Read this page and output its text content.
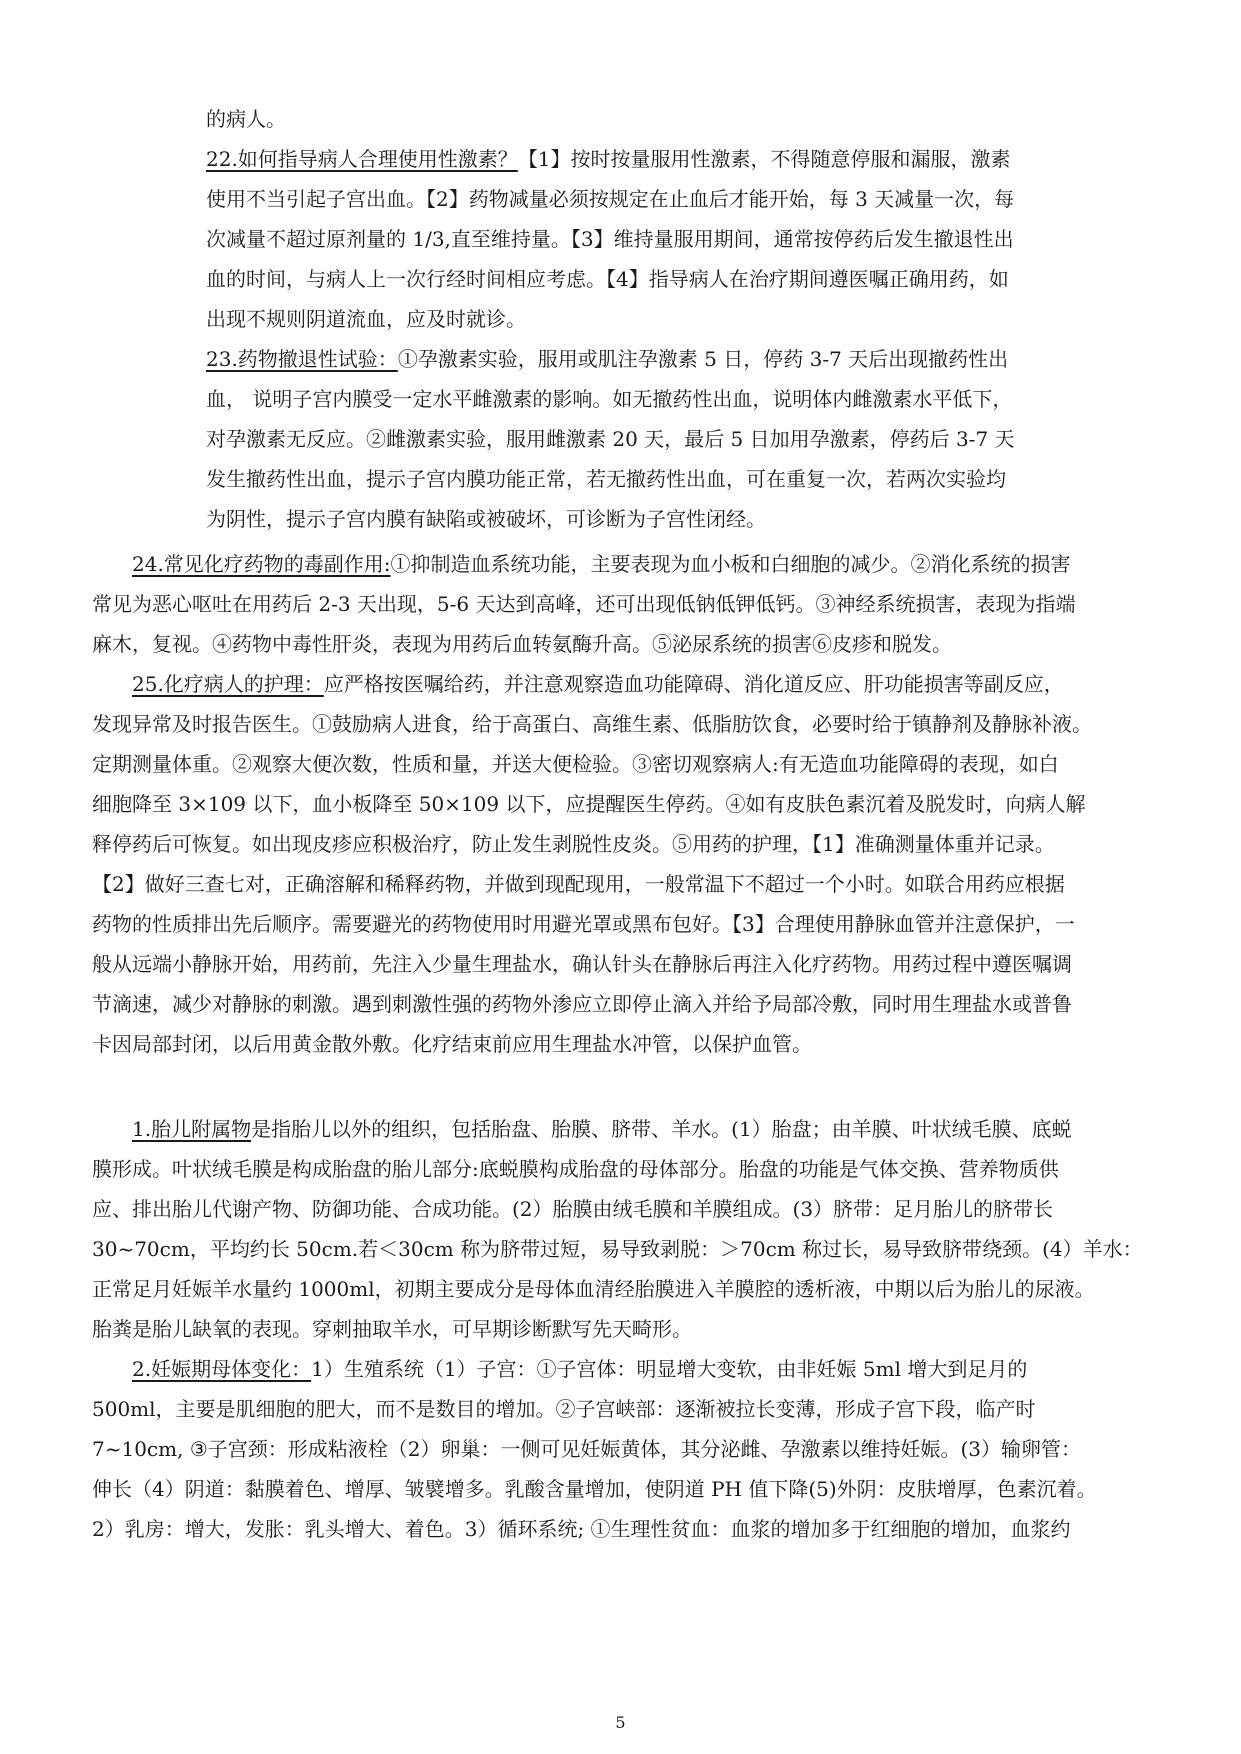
的病人。
22.如何指导病人合理使用性激素？【1】按时按量服用性激素，不得随意停服和漏服，激素
使用不当引起子宫出血。【2】药物减量必须按规定在止血后才能开始，每 3 天减量一次，每
次减量不超过原剂量的 1/3,直至维持量。【3】维持量服用期间，通常按停药后发生撤退性出
血的时间，与病人上一次行经时间相应考虑。【4】指导病人在治疗期间遵医嘱正确用药，如
出现不规则阴道流血，应及时就诊。
23.药物撤退性试验：①孕激素实验，服用或肌注孕激素 5 日，停药 3-7 天后出现撤药性出
血， 说明子宫内膜受一定水平雌激素的影响。如无撤药性出血，说明体内雌激素水平低下，
对孕激素无反应。②雌激素实验，服用雌激素 20 天，最后 5 日加用孕激素，停药后 3-7 天
发生撤药性出血，提示子宫内膜功能正常，若无撤药性出血，可在重复一次，若两次实验均
为阴性，提示子宫内膜有缺陷或被破坏，可诊断为子宫性闭经。
24.常见化疗药物的毒副作用:①抑制造血系统功能，主要表现为血小板和白细胞的减少。②消化系统的损害
常见为恶心呕吐在用药后 2-3 天出现，5-6 天达到高峰，还可出现低钠低钾低钙。③神经系统损害，表现为指端
麻木，复视。④药物中毒性肝炎，表现为用药后血转氨酶升高。⑤泌尿系统的损害⑥皮疹和脱发。
25.化疗病人的护理：应严格按医嘱给药，并注意观察造血功能障碍、消化道反应、肝功能损害等副反应，
发现异常及时报告医生。①鼓励病人进食，给于高蛋白、高维生素、低脂肪饮食，必要时给于镇静剂及静脉补液。
定期测量体重。②观察大便次数，性质和量，并送大便检验。③密切观察病人:有无造血功能障碍的表现，如白
细胞降至 3×109 以下，血小板降至 50×109 以下，应提醒医生停药。④如有皮肤色素沉着及脱发时，向病人解
释停药后可恢复。如出现皮疹应积极治疗，防止发生剥脱性皮炎。⑤用药的护理，【1】准确测量体重并记录。
【2】做好三查七对，正确溶解和稀释药物，并做到现配现用，一般常温下不超过一个小时。如联合用药应根据
药物的性质排出先后顺序。需要避光的药物使用时用避光罩或黑布包好。【3】合理使用静脉血管并注意保护，一
般从远端小静脉开始，用药前，先注入少量生理盐水，确认针头在静脉后再注入化疗药物。用药过程中遵医嘱调
节滴速，减少对静脉的刺激。遇到刺激性强的药物外渗应立即停止滴入并给予局部冷敷，同时用生理盐水或普鲁
卡因局部封闭，以后用黄金散外敷。化疗结束前应用生理盐水冲管，以保护血管。
1.胎儿附属物是指胎儿以外的组织，包括胎盘、胎膜、脐带、羊水。(1）胎盘；由羊膜、叶状绒毛膜、底蜕
膜形成。叶状绒毛膜是构成胎盘的胎儿部分:底蜕膜构成胎盘的母体部分。胎盘的功能是气体交换、营养物质供
应、排出胎儿代谢产物、防御功能、合成功能。(2）胎膜由绒毛膜和羊膜组成。(3）脐带：足月胎儿的脐带长
30~70cm，平均约长 50cm.若＜30cm 称为脐带过短，易导致剥脱：＞70cm 称过长，易导致脐带绕颈。(4）羊水：
正常足月妊娠羊水量约 1000ml，初期主要成分是母体血清经胎膜进入羊膜腔的透析液，中期以后为胎儿的尿液。
胎粪是胎儿缺氧的表现。穿刺抽取羊水，可早期诊断默写先天畸形。
2.妊娠期母体变化：1）生殖系统（1）子宫：①子宫体：明显增大变软，由非妊娠 5ml 增大到足月的
500ml，主要是肌细胞的肥大，而不是数目的增加。②子宫峡部：逐渐被拉长变薄，形成子宫下段，临产时
7~10cm, ③子宫颈：形成粘液栓（2）卵巢：一侧可见妊娠黄体，其分泌雌、孕激素以维持妊娠。(3）输卵管：
伸长（4）阴道：黏膜着色、增厚、皱襞增多。乳酸含量增加，使阴道 PH 值下降(5)外阴：皮肤增厚，色素沉着。
2）乳房：增大，发胀：乳头增大、着色。3）循环系统; ①生理性贫血：血浆的增加多于红细胞的增加，血浆约
5
